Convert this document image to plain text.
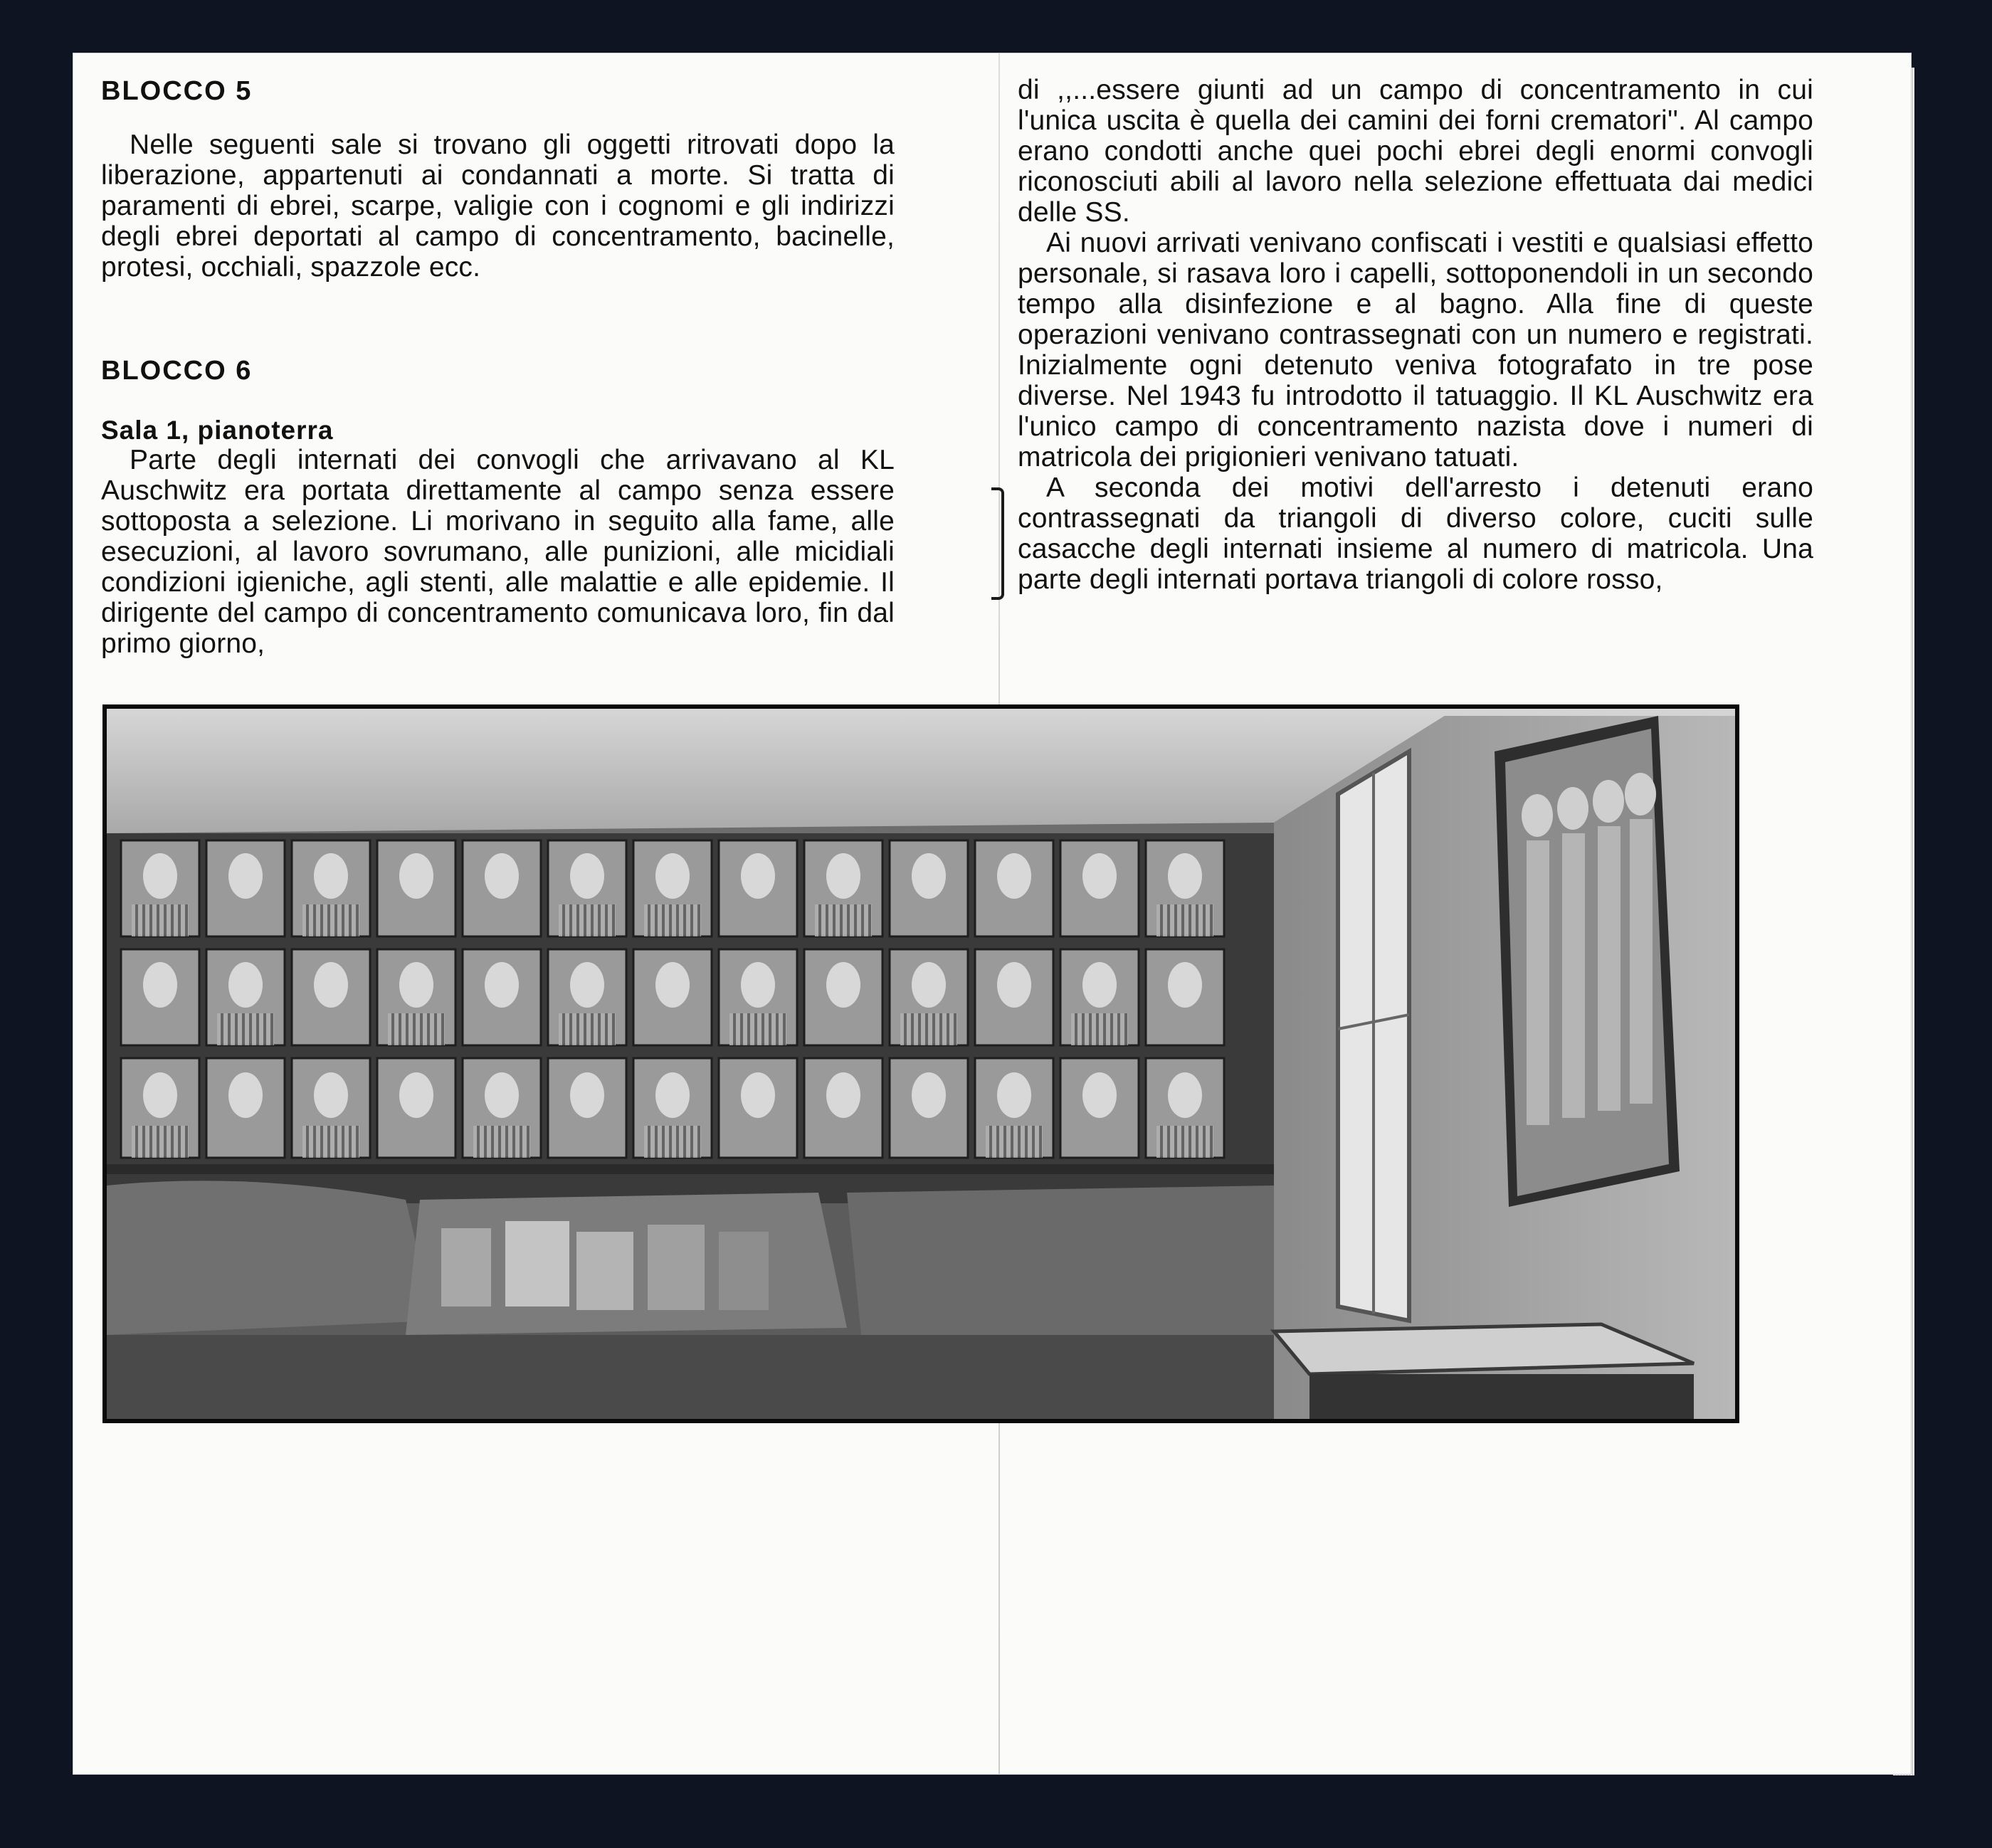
BLOCCO 5

Nelle seguenti sale si trovano gli oggetti ritrovati dopo la liberazione, appartenuti ai condannati a morte. Si tratta di paramenti di ebrei, scarpe, valigie con i cognomi e gli indirizzi degli ebrei deportati al campo di concentramento, bacinelle, protesi, occhiali, spazzole ecc.

BLOCCO 6
Sala 1, pianoterra

Parte degli internati dei convogli che arrivavano al KL Auschwitz era portata direttamente al campo senza essere sottoposta a selezione. Li morivano in seguito alla fame, alle esecuzioni, al lavoro sovrumano, alle punizioni, alle micidiali condizioni igieniche, agli stenti, alle malattie e alle epidemie. Il dirigente del campo di concentramento comunicava loro, fin dal primo giorno,

di ,,...essere giunti ad un campo di concentramento in cui l'unica uscita è quella dei camini dei forni crematori''. Al campo erano condotti anche quei pochi ebrei degli enormi convogli riconosciuti abili al lavoro nella selezione effettuata dai medici delle SS.

Ai nuovi arrivati venivano confiscati i vestiti e qualsiasi effetto personale, si rasava loro i capelli, sottoponendoli in un secondo tempo alla disinfezione e al bagno. Alla fine di queste operazioni venivano contrassegnati con un numero e registrati. Inizialmente ogni detenuto veniva fotografato in tre pose diverse. Nel 1943 fu introdotto il tatuaggio. Il KL Auschwitz era l'unico campo di concentramento nazista dove i numeri di matricola dei prigionieri venivano tatuati.

A seconda dei motivi dell'arresto i detenuti erano contrassegnati da triangoli di diverso colore, cuciti sulle casacche degli internati insieme al numero di matricola. Una parte degli internati portava triangoli di colore rosso,
